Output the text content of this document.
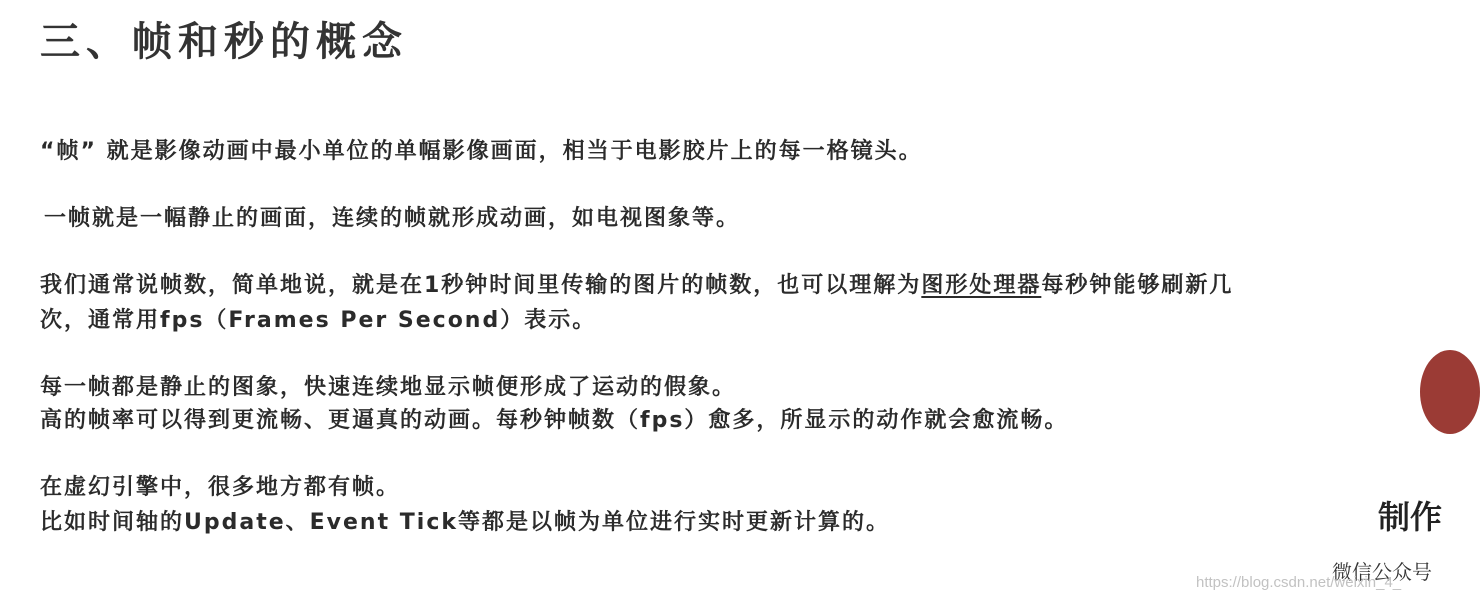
三、帧和秒的概念
“帧” 就是影像动画中最小单位的单幅影像画面，相当于电影胶片上的每一格镜头。
一帧就是一幅静止的画面，连续的帧就形成动画，如电视图象等。
我们通常说帧数，简单地说，就是在1秒钟时间里传输的图片的帧数，也可以理解为图形处理器每秒钟能够刷新几
次，通常用fps（Frames Per Second）表示。
每一帧都是静止的图象，快速连续地显示帧便形成了运动的假象。
高的帧率可以得到更流畅、更逼真的动画。每秒钟帧数（fps）愈多，所显示的动作就会愈流畅。
在虚幻引擎中，很多地方都有帧。
比如时间轴的Update、Event Tick等都是以帧为单位进行实时更新计算的。	制作
微信公众号
https://blog.csdn.net/weixin_4_
